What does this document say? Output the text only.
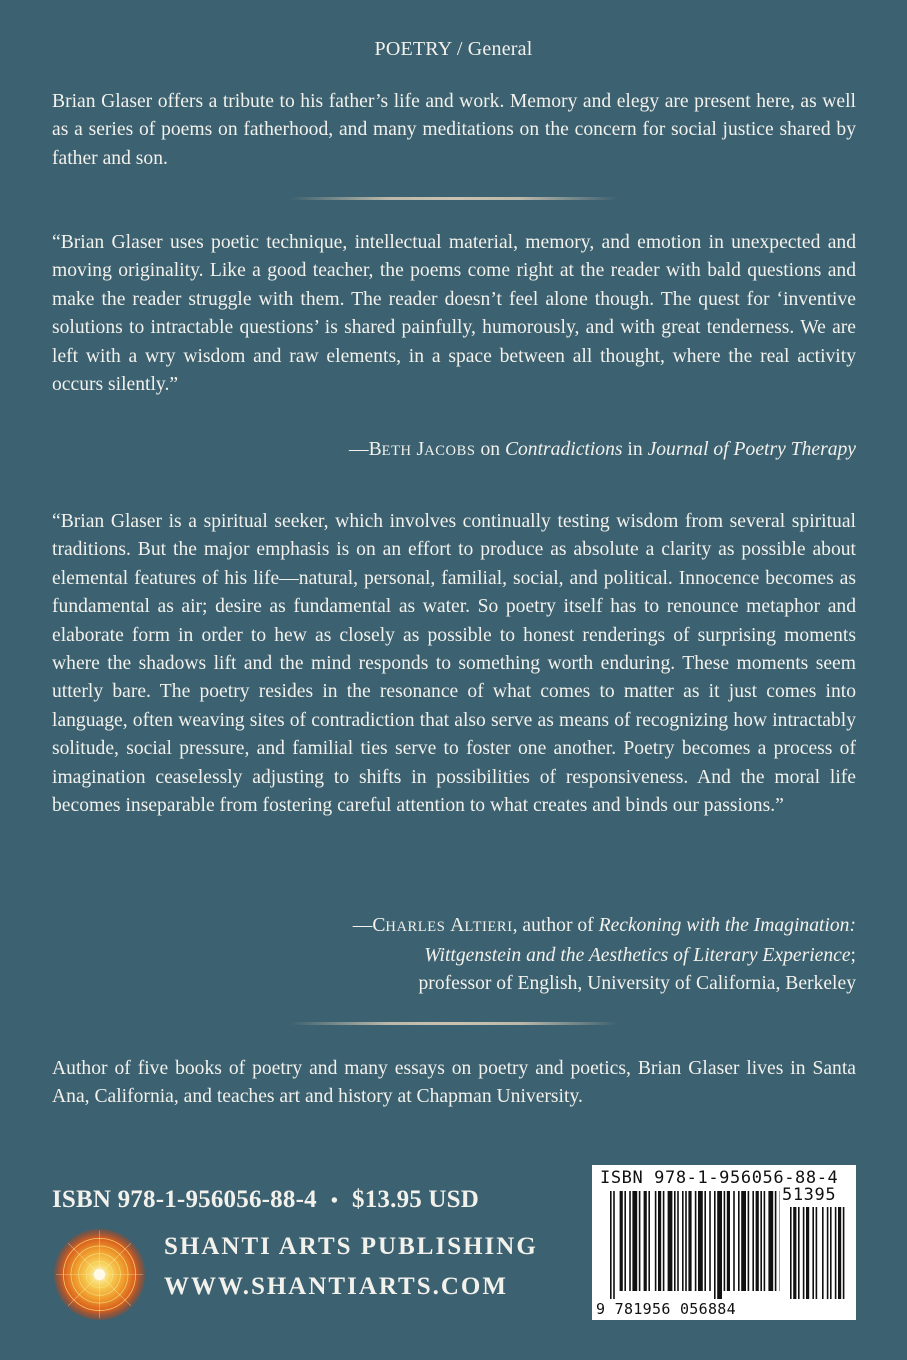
POETRY / General

Brian Glaser offers a tribute to his father’s life and work. Memory and elegy are present here, as well as a series of poems on fatherhood, and many meditations on the concern for social justice shared by father and son.

“Brian Glaser uses poetic technique, intellectual material, memory, and emotion in unexpected and moving originality. Like a good teacher, the poems come right at the reader with bald questions and make the reader struggle with them. The reader doesn’t feel alone though. The quest for ‘inventive solutions to intractable questions’ is shared painfully, humorously, and with great tenderness. We are left with a wry wisdom and raw elements, in a space between all thought, where the real activity occurs silently.”

—BETH JACOBS on Contradictions in Journal of Poetry Therapy

“Brian Glaser is a spiritual seeker, which involves continually testing wisdom from several spiritual traditions. But the major emphasis is on an effort to produce as absolute a clarity as possible about elemental features of his life—natural, personal, familial, social, and political. Innocence becomes as fundamental as air; desire as fundamental as water. So poetry itself has to renounce metaphor and elaborate form in order to hew as closely as possible to honest renderings of surprising moments where the shadows lift and the mind responds to something worth enduring. These moments seem utterly bare. The poetry resides in the resonance of what comes to matter as it just comes into language, often weaving sites of contradiction that also serve as means of recognizing how intractably solitude, social pressure, and familial ties serve to foster one another. Poetry becomes a process of imagination ceaselessly adjusting to shifts in possibilities of responsiveness. And the moral life becomes inseparable from fostering careful attention to what creates and binds our passions.”

—CHARLES ALTIERI, author of Reckoning with the Imagination:
Wittgenstein and the Aesthetics of Literary Experience;
professor of English, University of California, Berkeley

Author of five books of poetry and many essays on poetry and poetics, Brian Glaser lives in Santa Ana, California, and teaches art and history at Chapman University.

ISBN 978-1-956056-88-4 • $13.95 USD
SHANTI ARTS PUBLISHING
WWW.SHANTIARTS.COM
ISBN 978-1-956056-88-4
51395
9 781956 056884
